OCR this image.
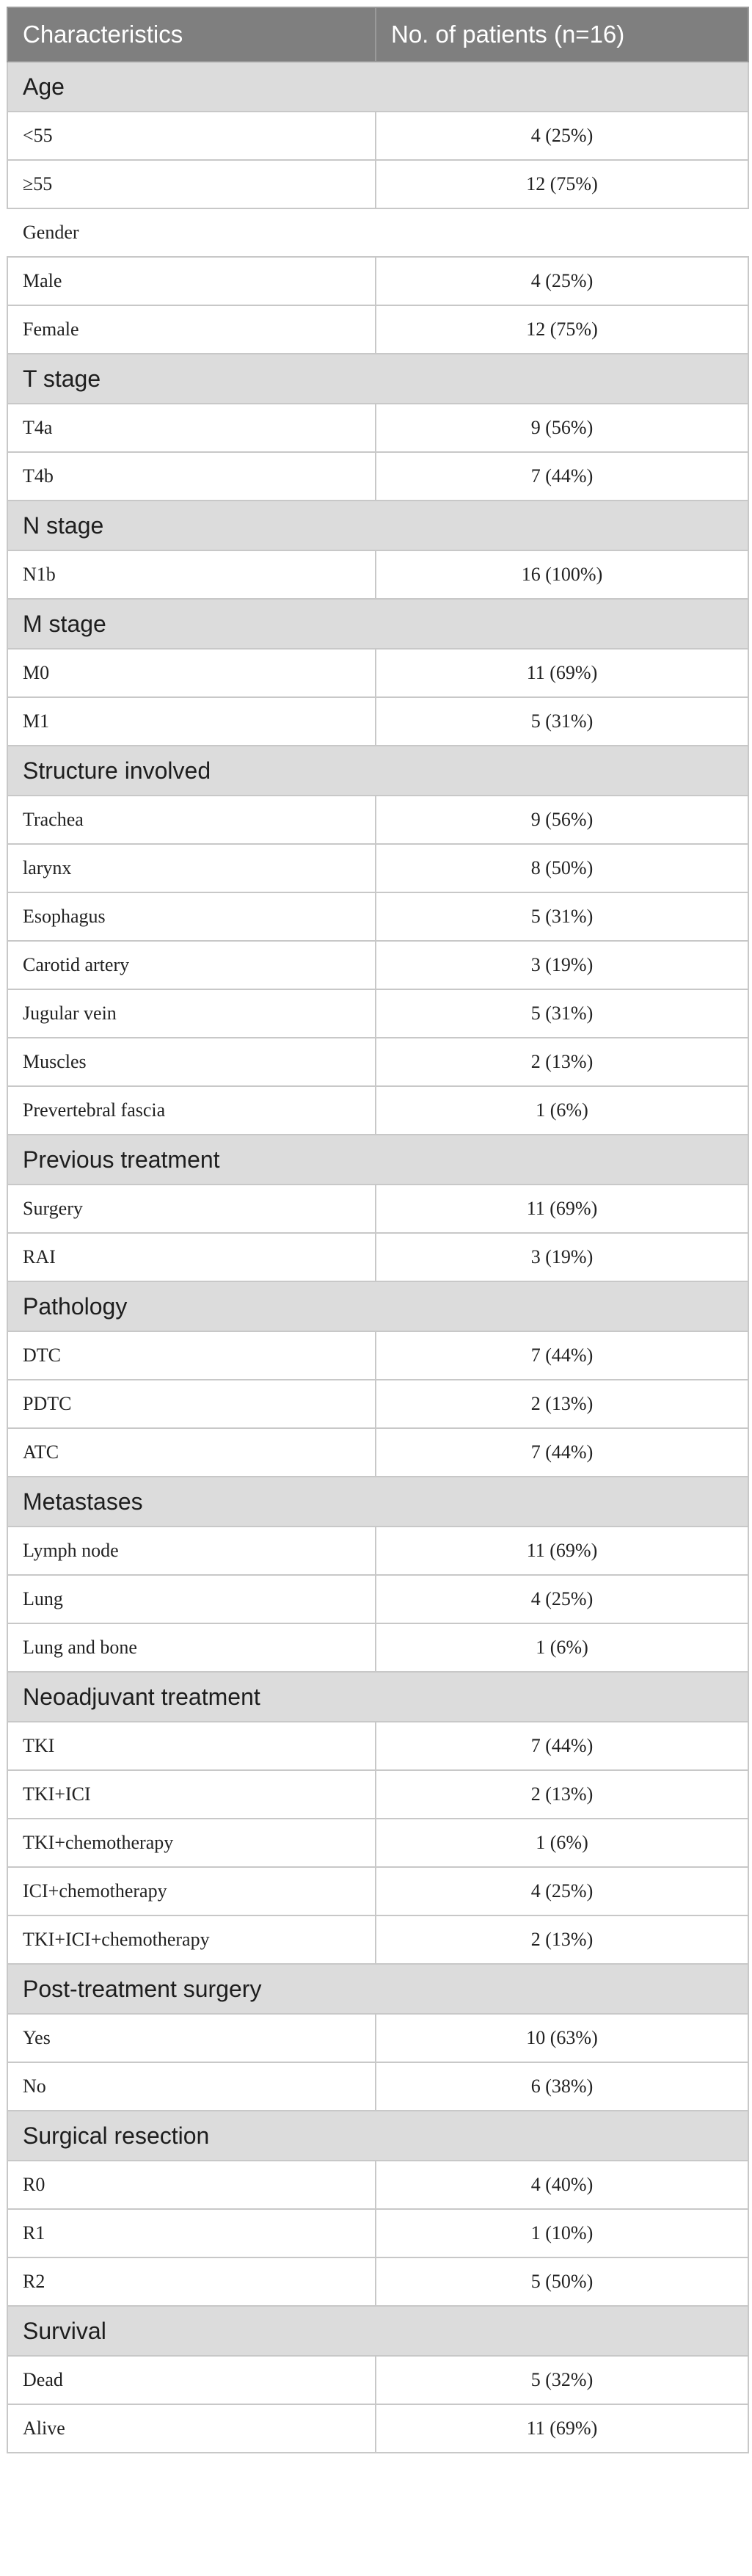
Characteristics	No. of patients (n=16)
Age	
<55	4 (25%)
≥55	12 (75%)
Gender	
Male	4 (25%)
Female	12 (75%)
T stage	
T4a	9 (56%)
T4b	7 (44%)
N stage	
N1b	16 (100%)
M stage	
M0	11 (69%)
M1	5 (31%)
Structure involved	
Trachea	9 (56%)
larynx	8 (50%)
Esophagus	5 (31%)
Carotid artery	3 (19%)
Jugular vein	5 (31%)
Muscles	2 (13%)
Prevertebral fascia	1 (6%)
Previous treatment	
Surgery	11 (69%)
RAI	3 (19%)
Pathology	
DTC	7 (44%)
PDTC	2 (13%)
ATC	7 (44%)
Metastases	
Lymph node	11 (69%)
Lung	4 (25%)
Lung and bone	1 (6%)
Neoadjuvant treatment	
TKI	7 (44%)
TKI+ICI	2 (13%)
TKI+chemotherapy	1 (6%)
ICI+chemotherapy	4 (25%)
TKI+ICI+chemotherapy	2 (13%)
Post-treatment surgery	
Yes	10 (63%)
No	6 (38%)
Surgical resection	
R0	4 (40%)
R1	1 (10%)
R2	5 (50%)
Survival	
Dead	5 (32%)
Alive	11 (69%)
